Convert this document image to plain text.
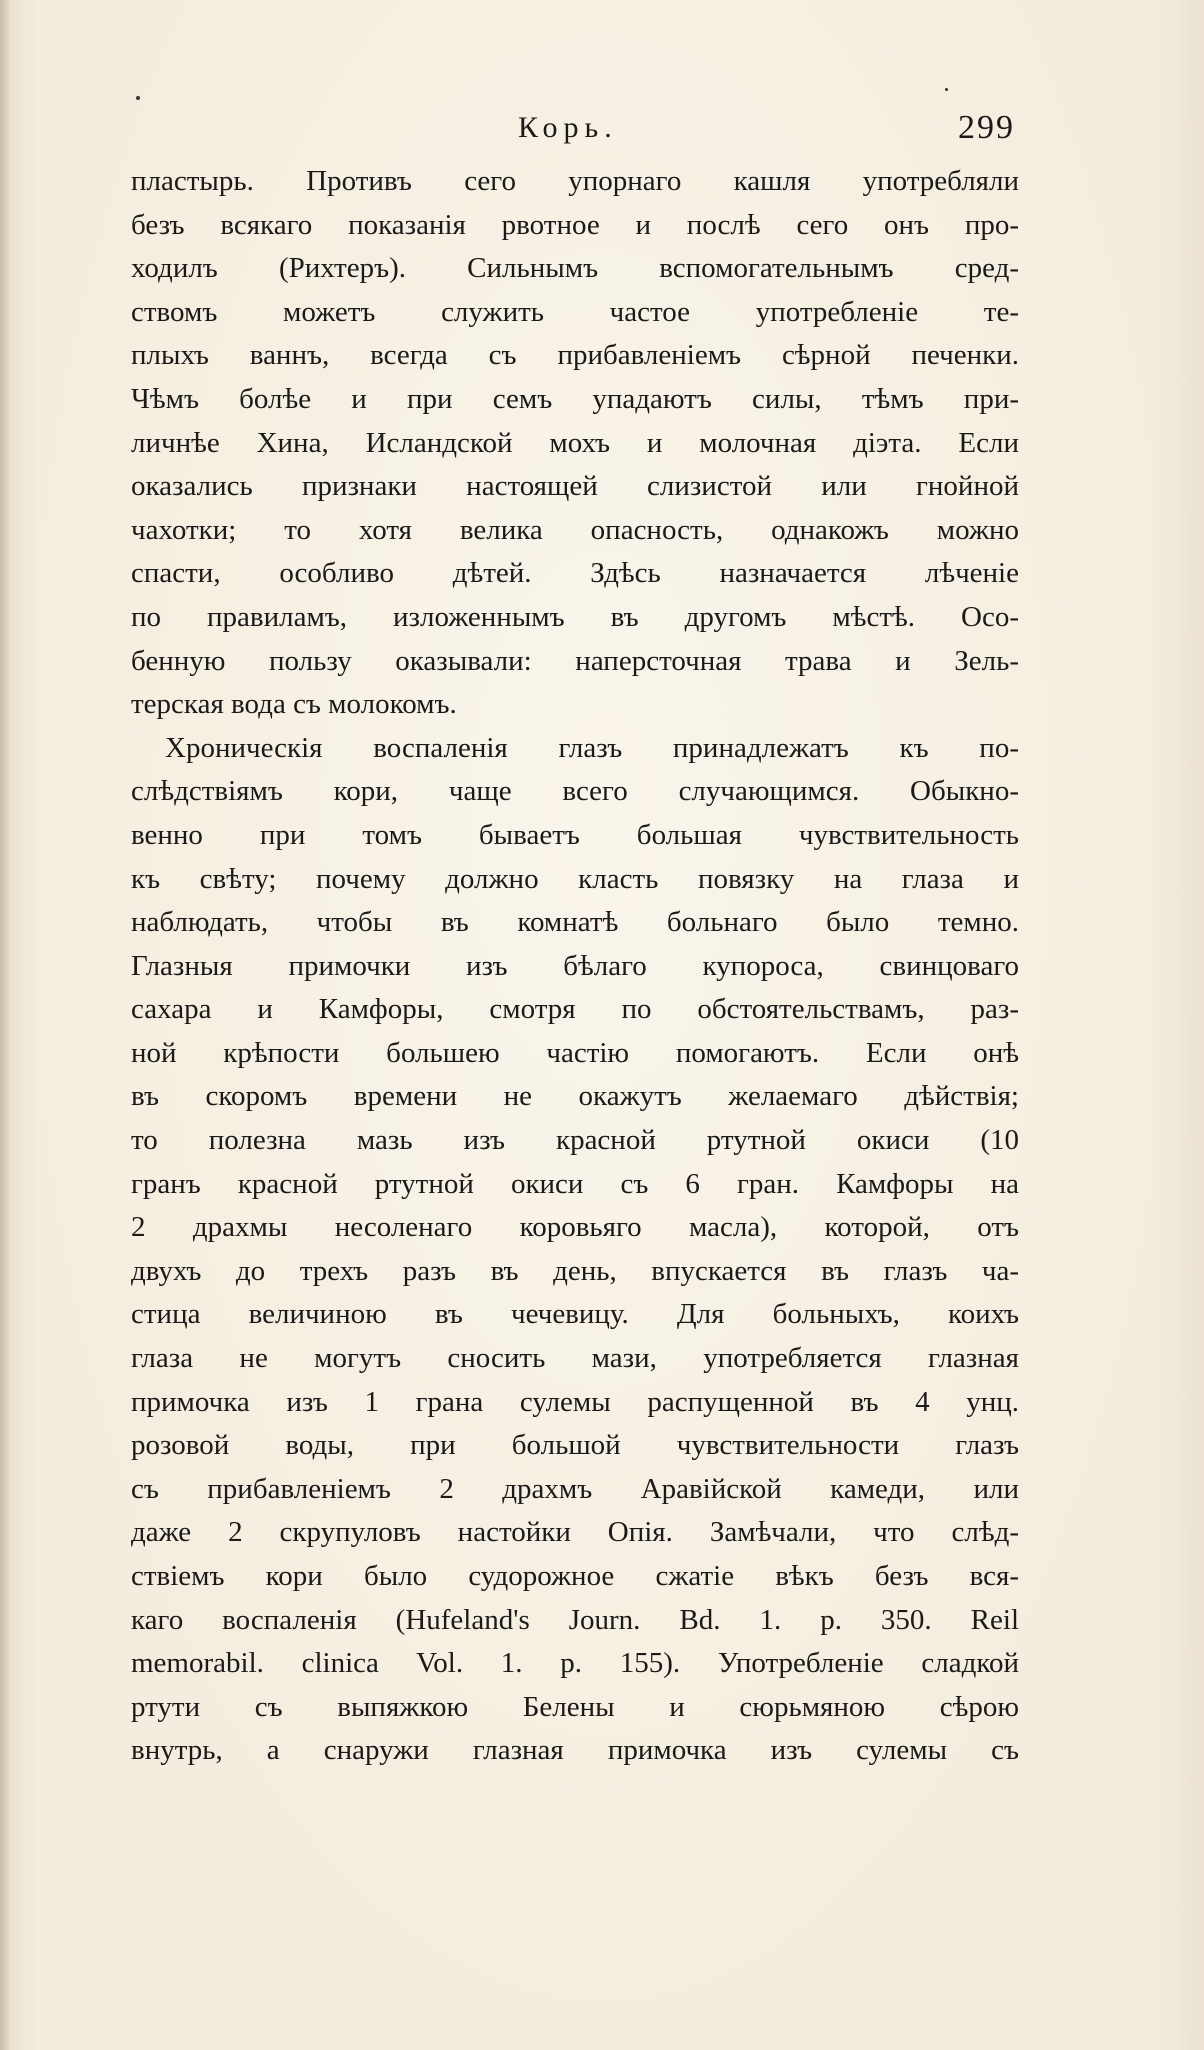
Корь.	299
пластырь. Противъ сего упорнаго кашля употребляли
безъ всякаго показанія рвотное и послѣ сего онъ про-
ходилъ (Рихтеръ). Сильнымъ вспомогательнымъ сред-
ствомъ можетъ служить частое употребленіе те-
плыхъ ваннъ, всегда съ прибавленіемъ сѣрной печенки.
Чѣмъ болѣе и при семъ упадаютъ силы, тѣмъ при-
личнѣе Хина, Исландской мохъ и молочная діэта. Если
оказались признаки настоящей слизистой или гнойной
чахотки; то хотя велика опасность, однакожъ можно
спасти, особливо дѣтей. Здѣсь назначается лѣченіе
по правиламъ, изложеннымъ въ другомъ мѣстѣ. Осо-
бенную пользу оказывали: наперсточная трава и Зель-
терская вода съ молокомъ.
Хроническія воспаленія глазъ принадлежатъ къ по-
слѣдствіямъ кори, чаще всего случающимся. Обыкно-
венно при томъ бываетъ большая чувствительность
къ свѣту; почему должно класть повязку на глаза и
наблюдать, чтобы въ комнатѣ больнаго было темно.
Глазныя примочки изъ бѣлаго купороса, свинцоваго
сахара и Камфоры, смотря по обстоятельствамъ, раз-
ной крѣпости большею частію помогаютъ. Если онѣ
въ скоромъ времени не окажутъ желаемаго дѣйствія;
то полезна мазь изъ красной ртутной окиси (10
гранъ красной ртутной окиси съ 6 гран. Камфоры на
2 драхмы несоленаго коровьяго масла), которой, отъ
двухъ до трехъ разъ въ день, впускается въ глазъ ча-
стица величиною въ чечевицу. Для больныхъ, коихъ
глаза не могутъ сносить мази, употребляется глазная
примочка изъ 1 грана сулемы распущенной въ 4 унц.
розовой воды, при большой чувствительности глазъ
съ прибавленіемъ 2 драхмъ Аравійской камеди, или
даже 2 скрупуловъ настойки Опія. Замѣчали, что слѣд-
ствіемъ кори было судорожное сжатіе вѣкъ безъ вся-
каго воспаленія (Hufeland's Journ. Bd. 1. p. 350. Reil
memorabil. clinica Vol. 1. p. 155). Употребленіе сладкой
ртути съ выпяжкою Белены и сюрьмяною сѣрою
внутрь, а снаружи глазная примочка изъ сулемы съ
